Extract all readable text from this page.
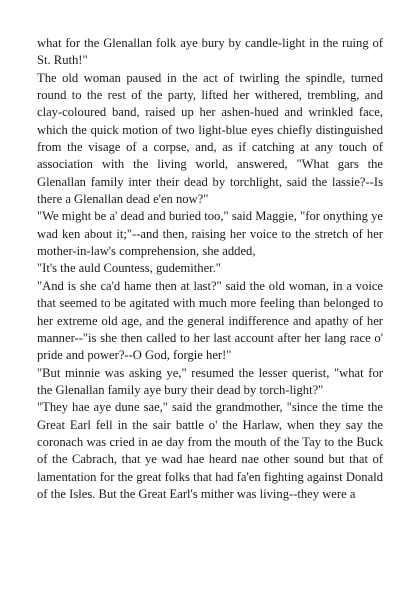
what for the Glenallan folk aye bury by candle-light in the ruing of St. Ruth!"

The old woman paused in the act of twirling the spindle, turned round to the rest of the party, lifted her withered, trembling, and clay-coloured band, raised up her ashen-hued and wrinkled face, which the quick motion of two light-blue eyes chiefly distinguished from the visage of a corpse, and, as if catching at any touch of association with the living world, answered, "What gars the Glenallan family inter their dead by torchlight, said the lassie?--Is there a Glenallan dead e'en now?"

"We might be a' dead and buried too," said Maggie, "for onything ye wad ken about it;"--and then, raising her voice to the stretch of her mother-in-law's comprehension, she added,

"It's the auld Countess, gudemither."

"And is she ca'd hame then at last?" said the old woman, in a voice that seemed to be agitated with much more feeling than belonged to her extreme old age, and the general indifference and apathy of her manner--"is she then called to her last account after her lang race o' pride and power?--O God, forgie her!"

"But minnie was asking ye," resumed the lesser querist, "what for the Glenallan family aye bury their dead by torch-light?"

"They hae aye dune sae," said the grandmother, "since the time the Great Earl fell in the sair battle o' the Harlaw, when they say the coronach was cried in ae day from the mouth of the Tay to the Buck of the Cabrach, that ye wad hae heard nae other sound but that of lamentation for the great folks that had fa'en fighting against Donald of the Isles. But the Great Earl's mither was living--they were a
